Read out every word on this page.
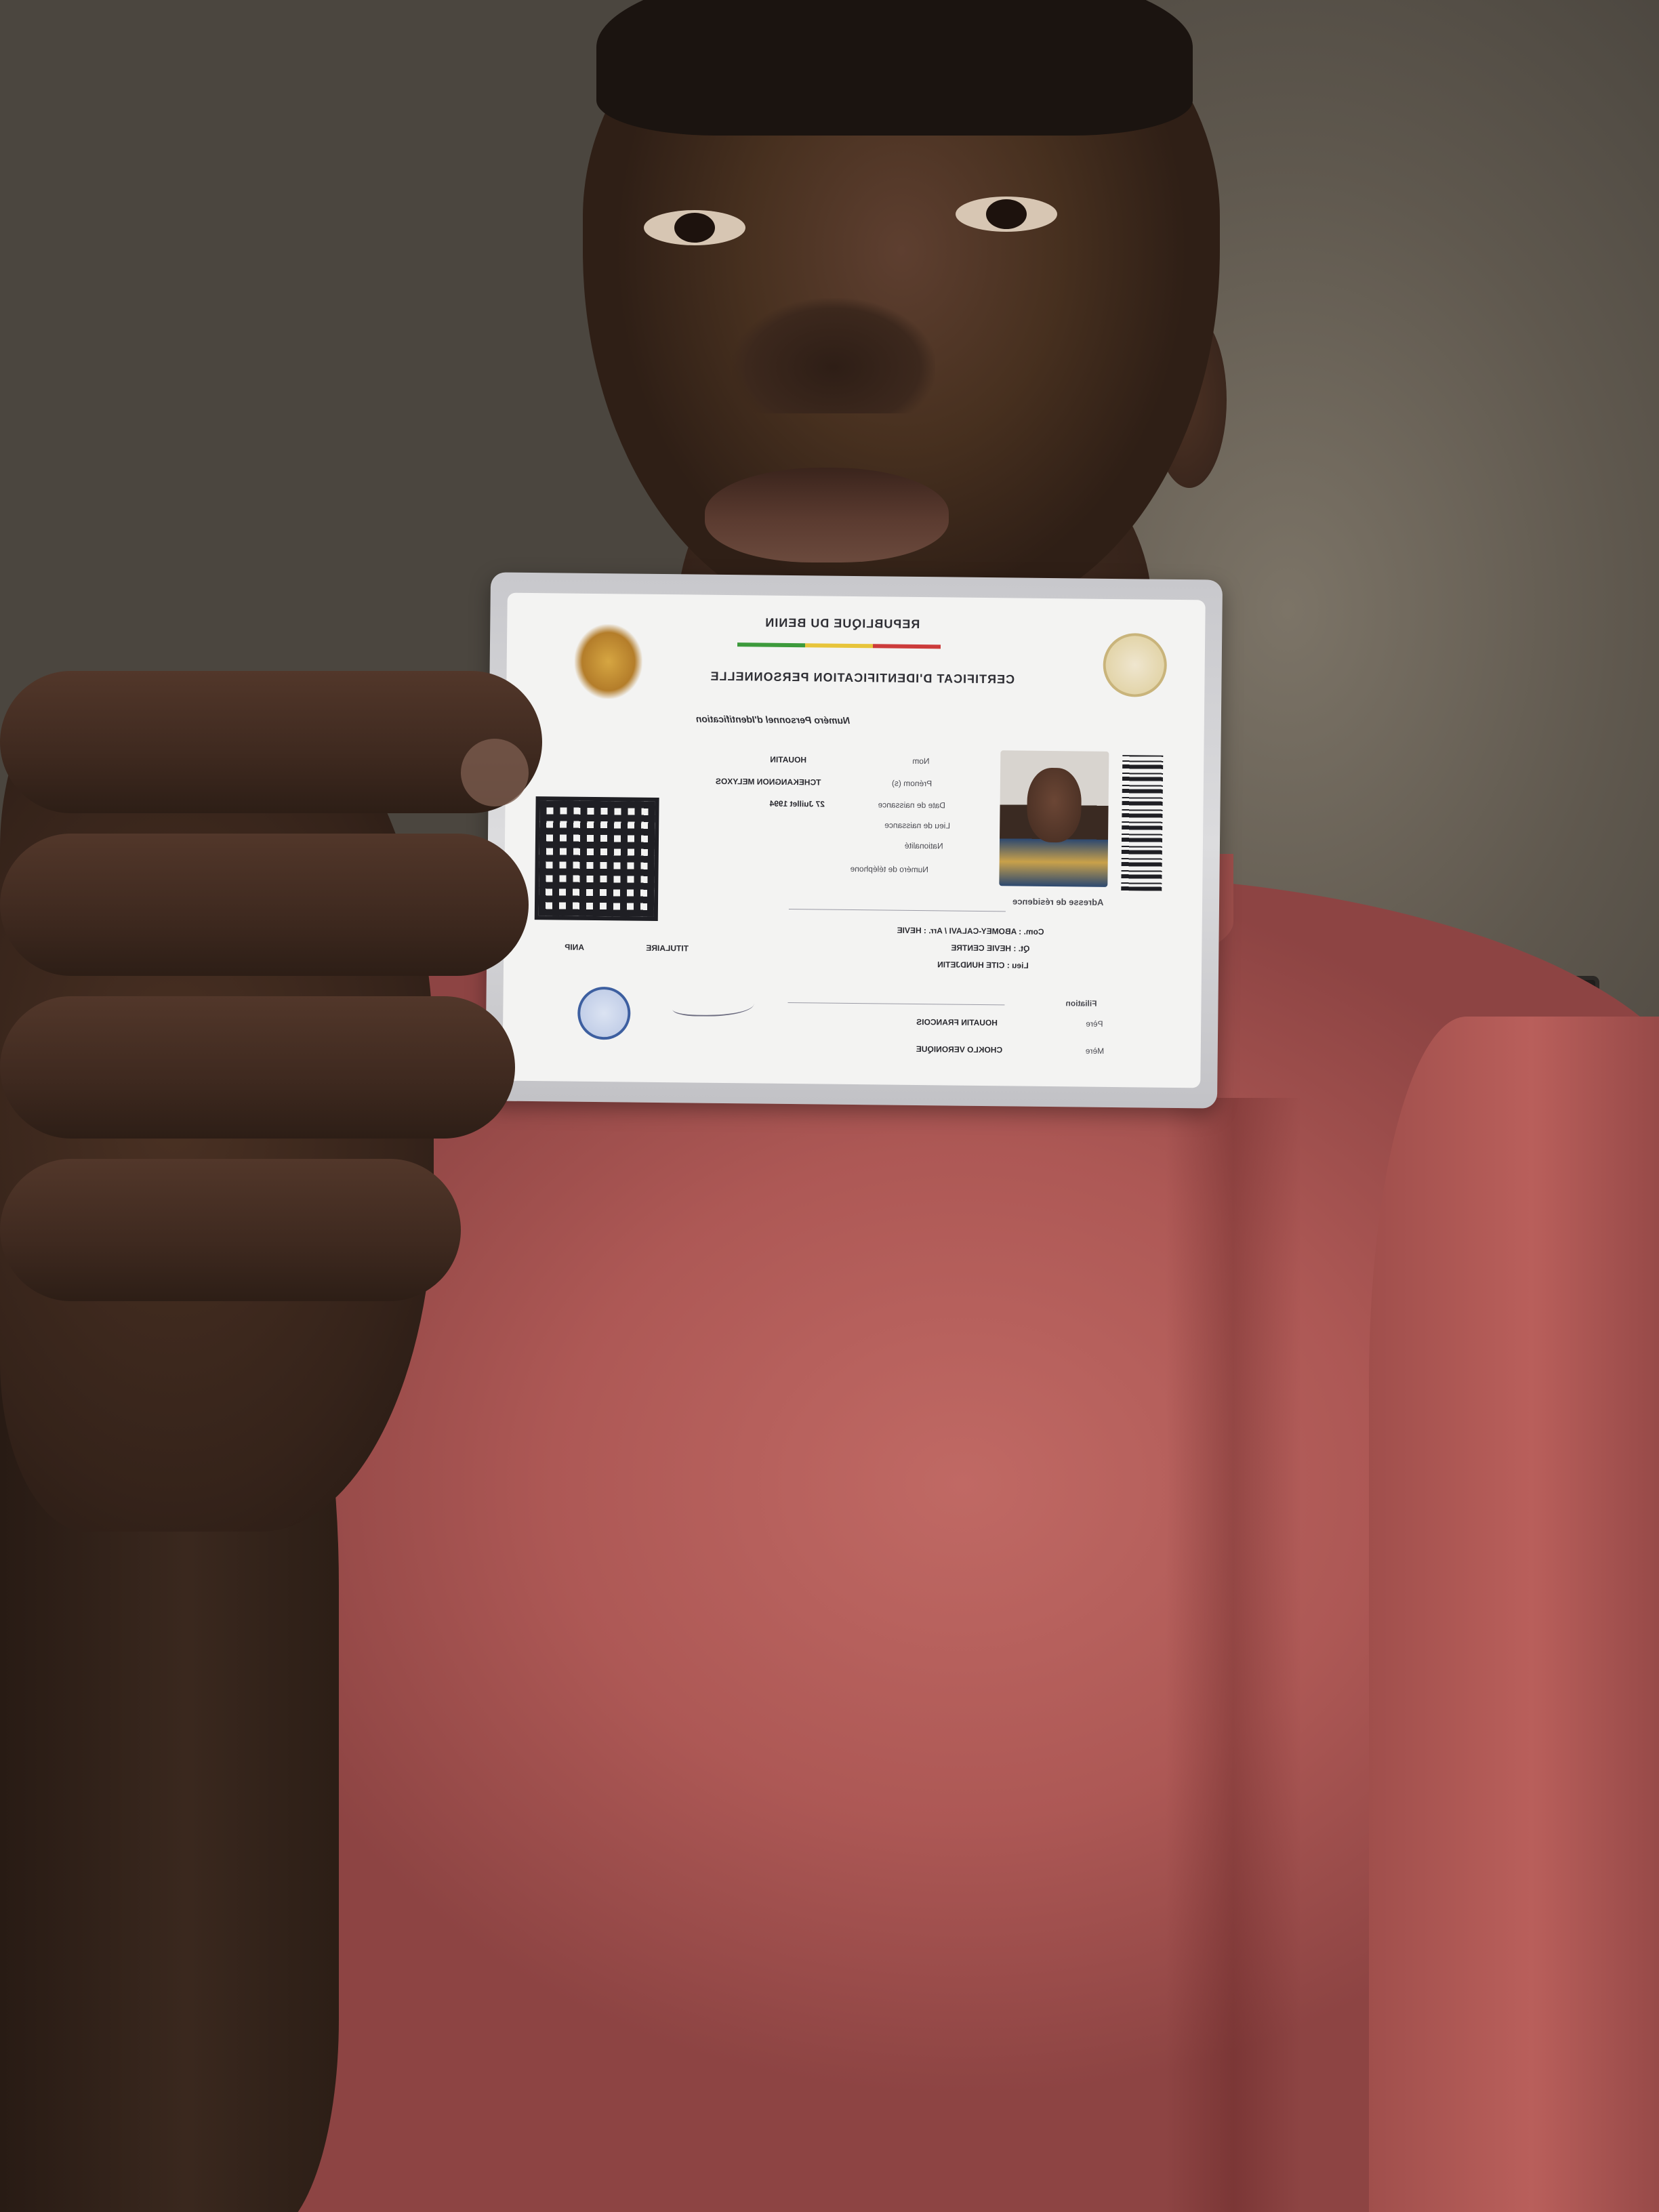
REPUBLIQUE DU BENIN
CERTIFICAT D'IDENTIFICATION PERSONNELLE
Numéro Personnel d'Identification
Nom
HOUATIN
Prénom (s)
TCHEKANGNON MELYXOS
Date de naissance
27 Juillet 1994
Lieu de naissance
Nationalité
Numéro de téléphone
Adresse de résidence
Com. : ABOMEY-CALAVI / Arr. : HEVIE
Qt. : HEVIE CENTRE
Lieu : CITE HUNDJETIN
TITULAIRE
ANIP
Filiation
Père
HOUATIN FRANCOIS
Mère
CHOKLO VERONIQUE
